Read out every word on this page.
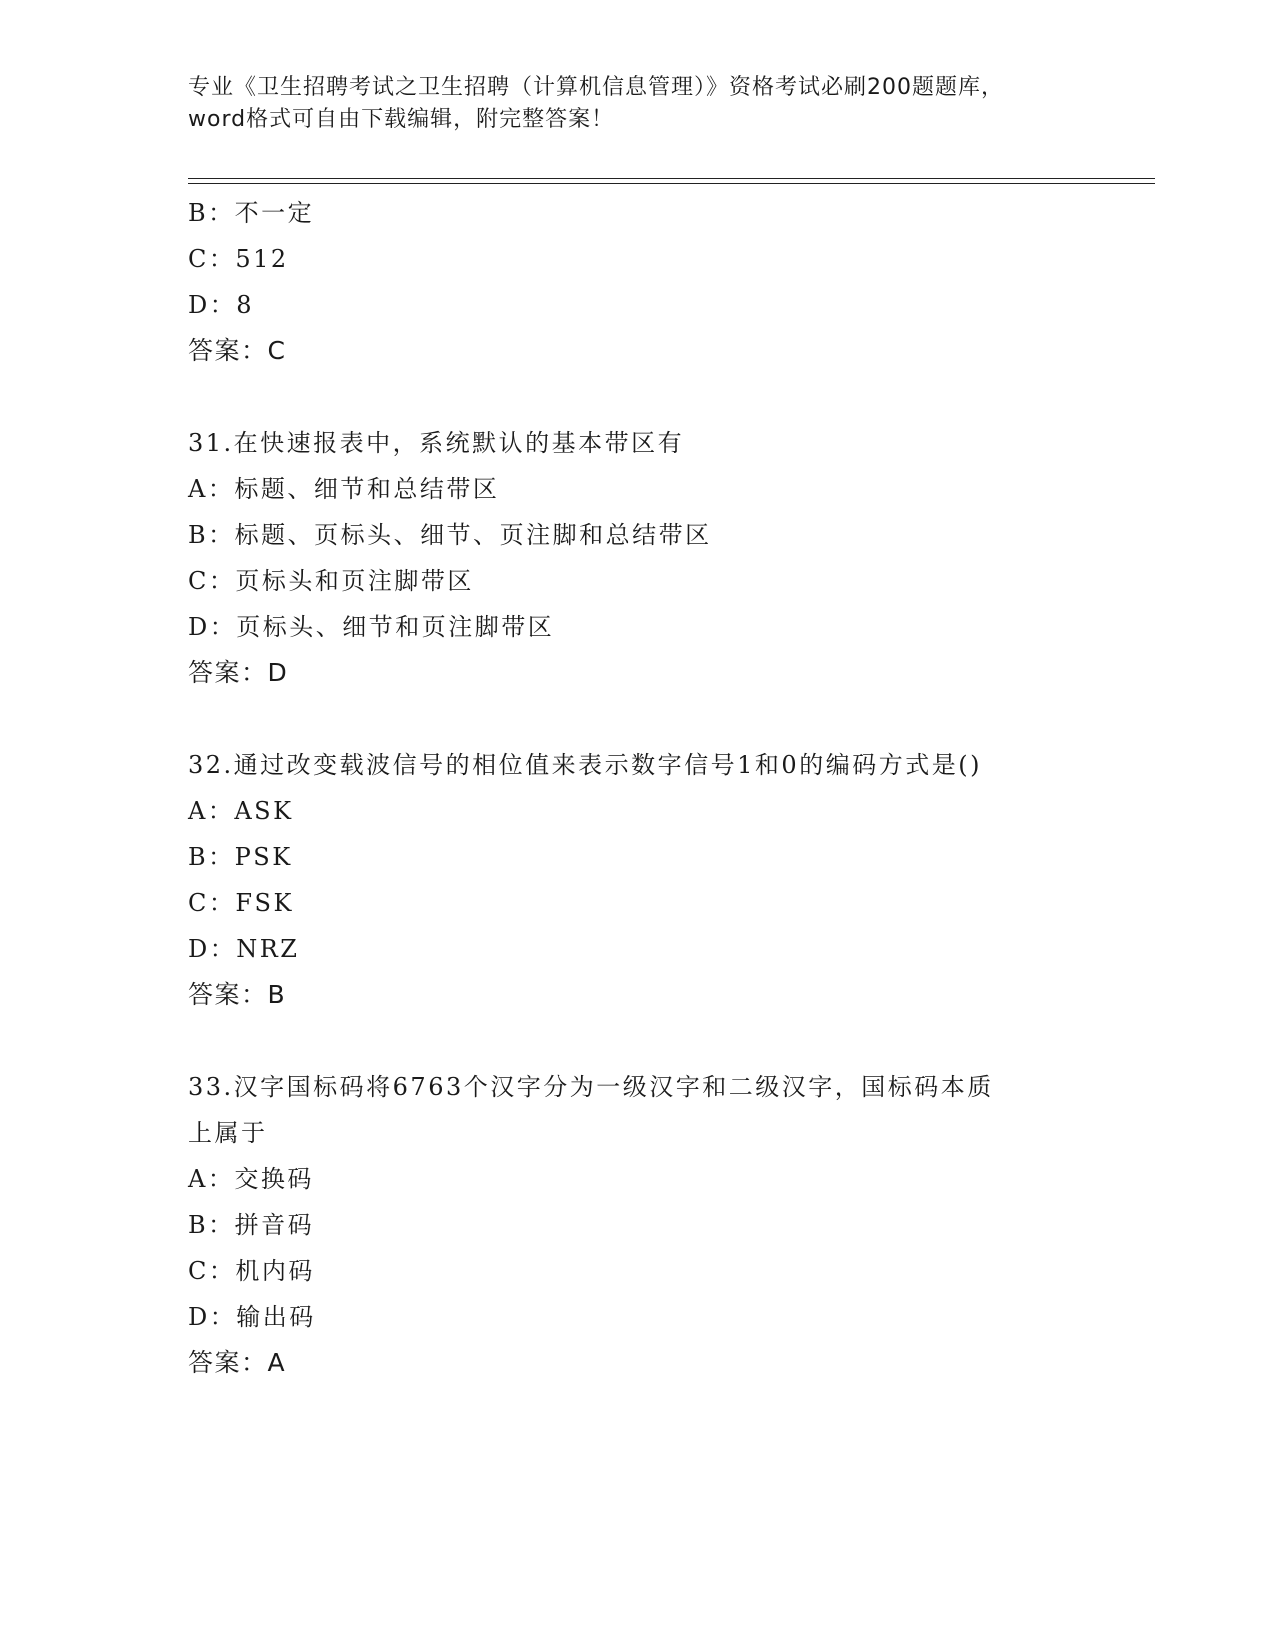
专业《卫生招聘考试之卫生招聘（计算机信息管理）》资格考试必刷200题题库，
word格式可自由下载编辑，附完整答案！
B：不一定
C：512
D：8
答案：C
31.在快速报表中，系统默认的基本带区有
A：标题、细节和总结带区
B：标题、页标头、细节、页注脚和总结带区
C：页标头和页注脚带区
D：页标头、细节和页注脚带区
答案：D
32.通过改变载波信号的相位值来表示数字信号1和0的编码方式是()
A：ASK
B：PSK
C：FSK
D：NRZ
答案：B
33.汉字国标码将6763个汉字分为一级汉字和二级汉字，国标码本质
上属于
A：交换码
B：拼音码
C：机内码
D：输出码
答案：A
